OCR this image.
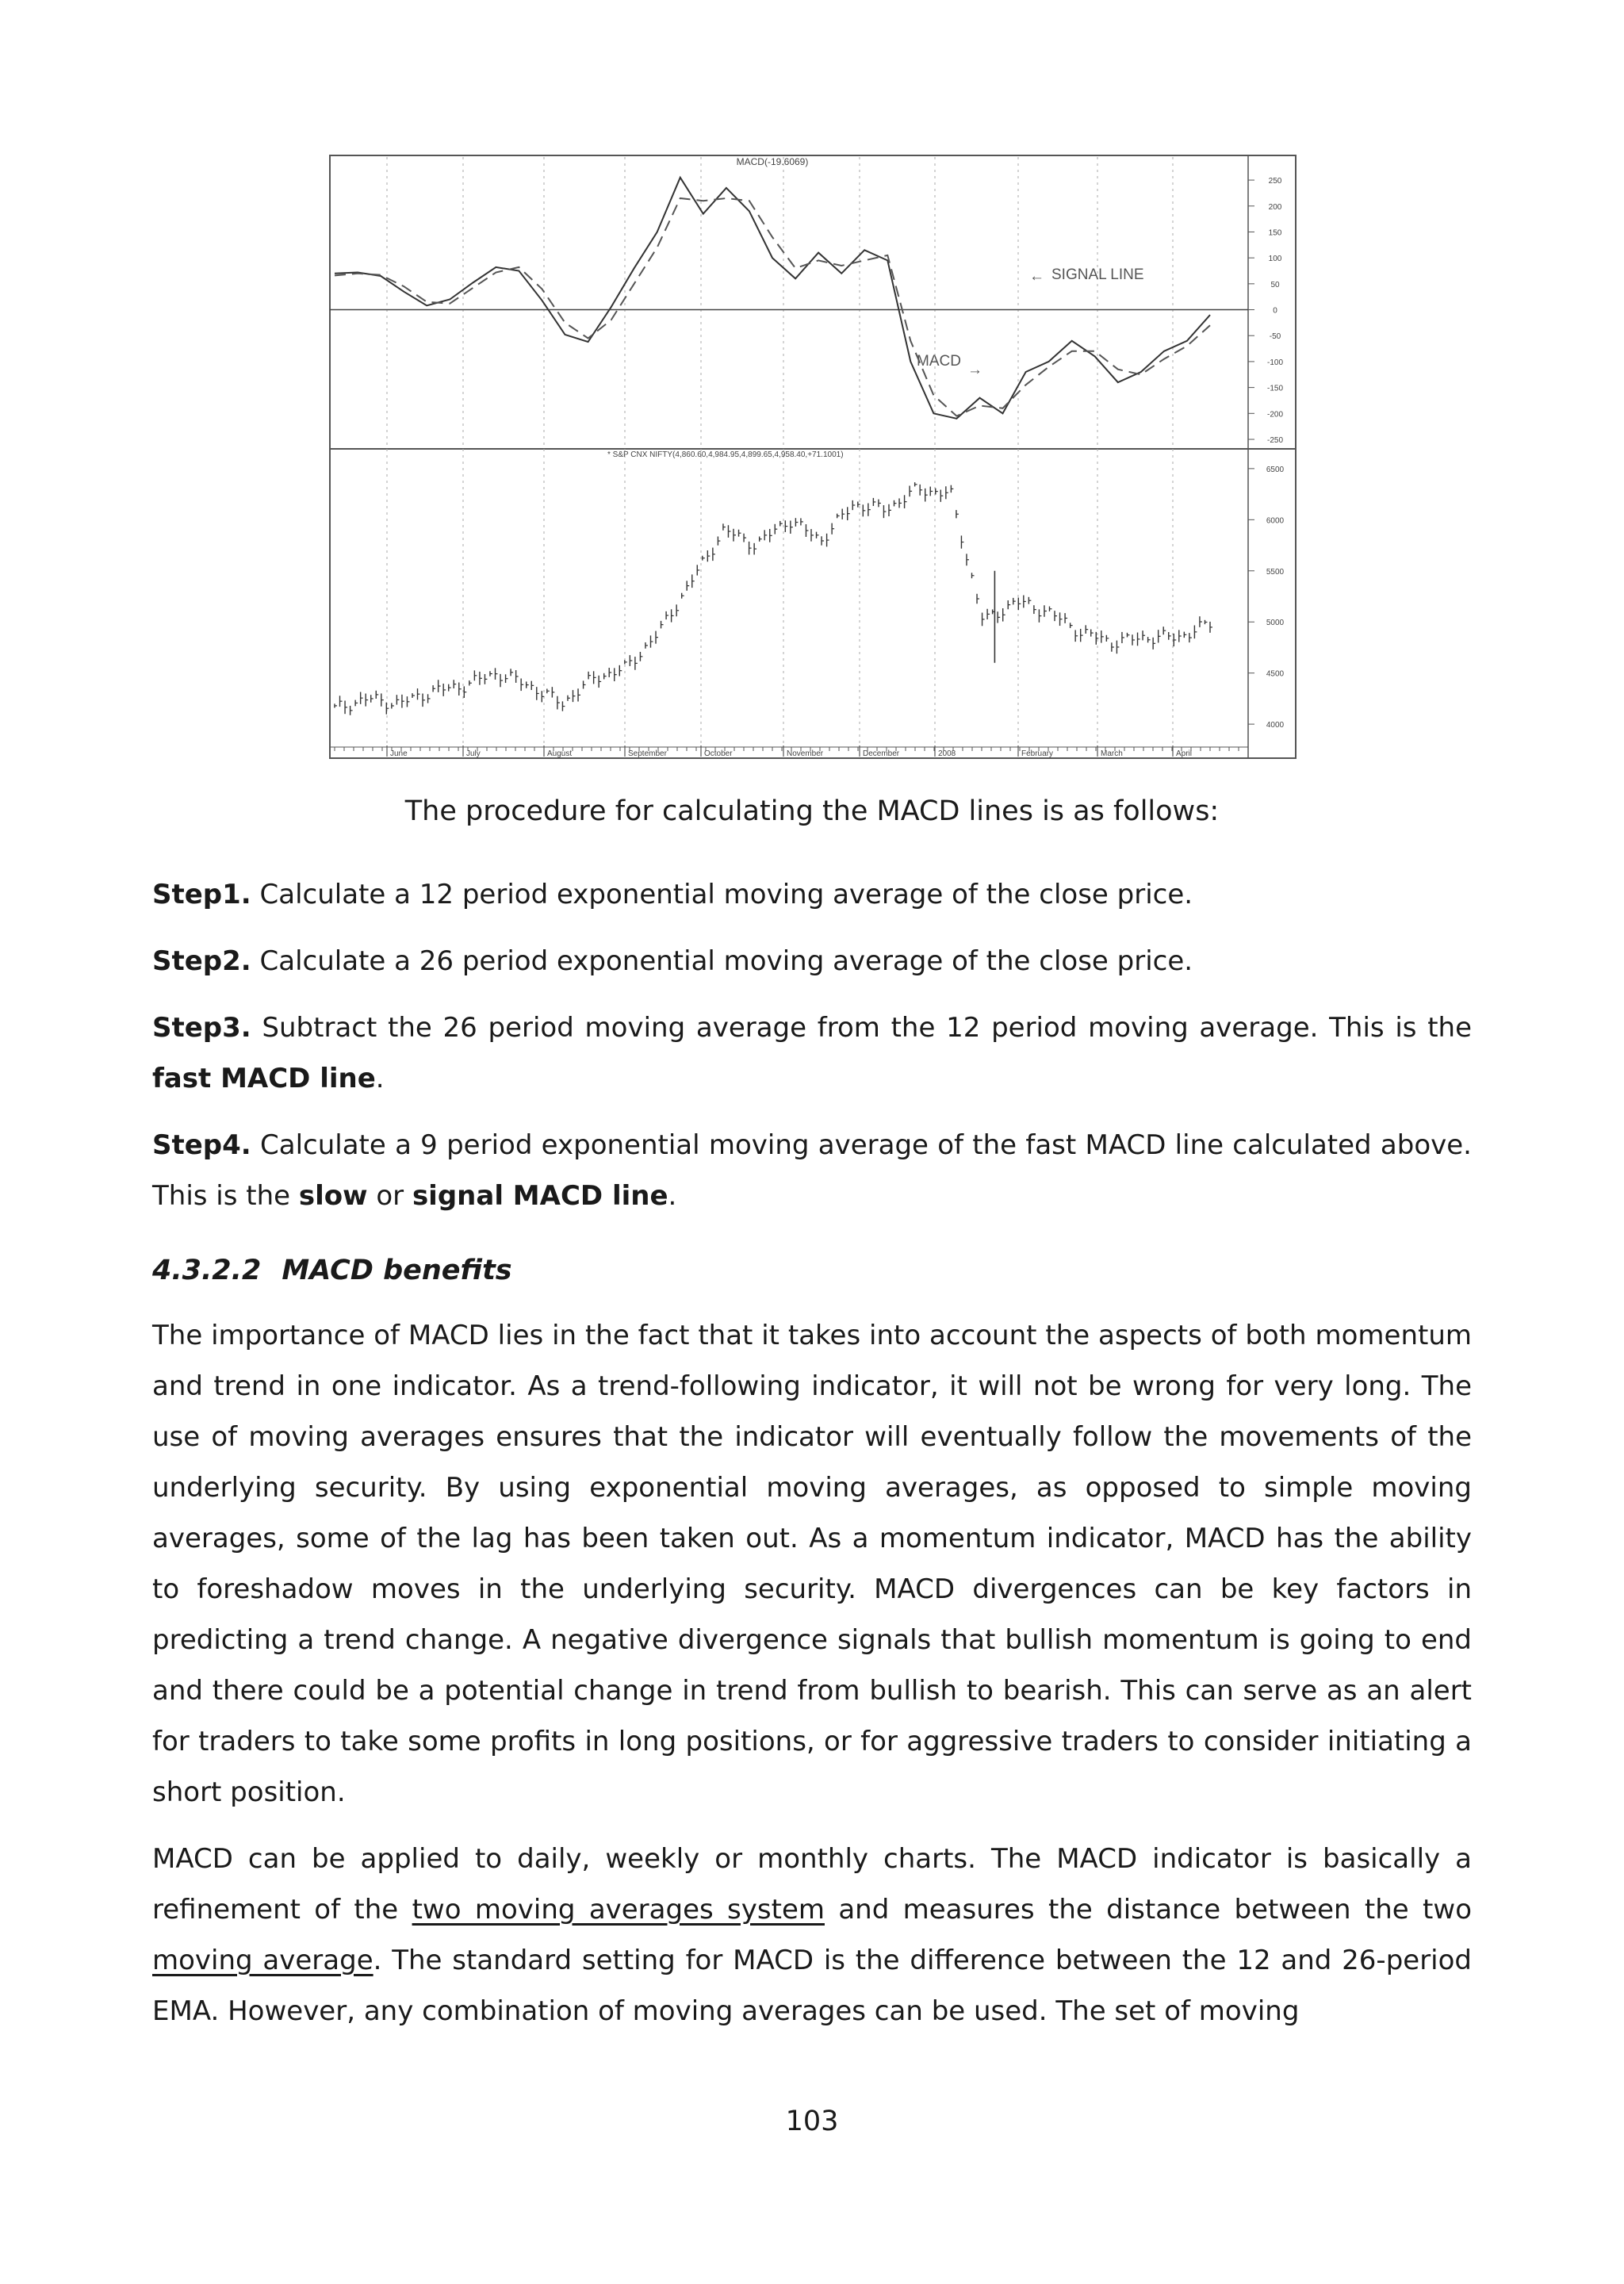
250
200
150
100
50
0
-50
-100
-150
-200
-250
MACD(-19.6069)
← SIGNAL LINE
MACD
→
6500
6000
5500
5000
4500
4000
* S&P CNX NIFTY(4,860.60,4,984.95,4,899.65,4,958.40,+71.1001)
June	July	August	September	October	November	December	2008	February	March	April
The procedure for calculating the MACD lines is as follows:

Step1. Calculate a 12 period exponential moving average of the close price.

Step2. Calculate a 26 period exponential moving average of the close price.

Step3. Subtract the 26 period moving average from the 12 period moving average. This is the fast MACD line.

Step4. Calculate a 9 period exponential moving average of the fast MACD line calculated above. This is the slow or signal MACD line.

4.3.2.2 MACD benefits

The importance of MACD lies in the fact that it takes into account the aspects of both momentum and trend in one indicator. As a trend-following indicator, it will not be wrong for very long. The use of moving averages ensures that the indicator will eventually follow the movements of the underlying security. By using exponential moving averages, as opposed to simple moving averages, some of the lag has been taken out. As a momentum indicator, MACD has the ability to foreshadow moves in the underlying security. MACD divergences can be key factors in predicting a trend change. A negative divergence signals that bullish momentum is going to end and there could be a potential change in trend from bullish to bearish. This can serve as an alert for traders to take some profits in long positions, or for aggressive traders to consider initiating a short position.

MACD can be applied to daily, weekly or monthly charts. The MACD indicator is basically a refinement of the two moving averages system and measures the distance between the two moving average. The standard setting for MACD is the difference between the 12 and 26-period EMA. However, any combination of moving averages can be used. The set of moving

103
